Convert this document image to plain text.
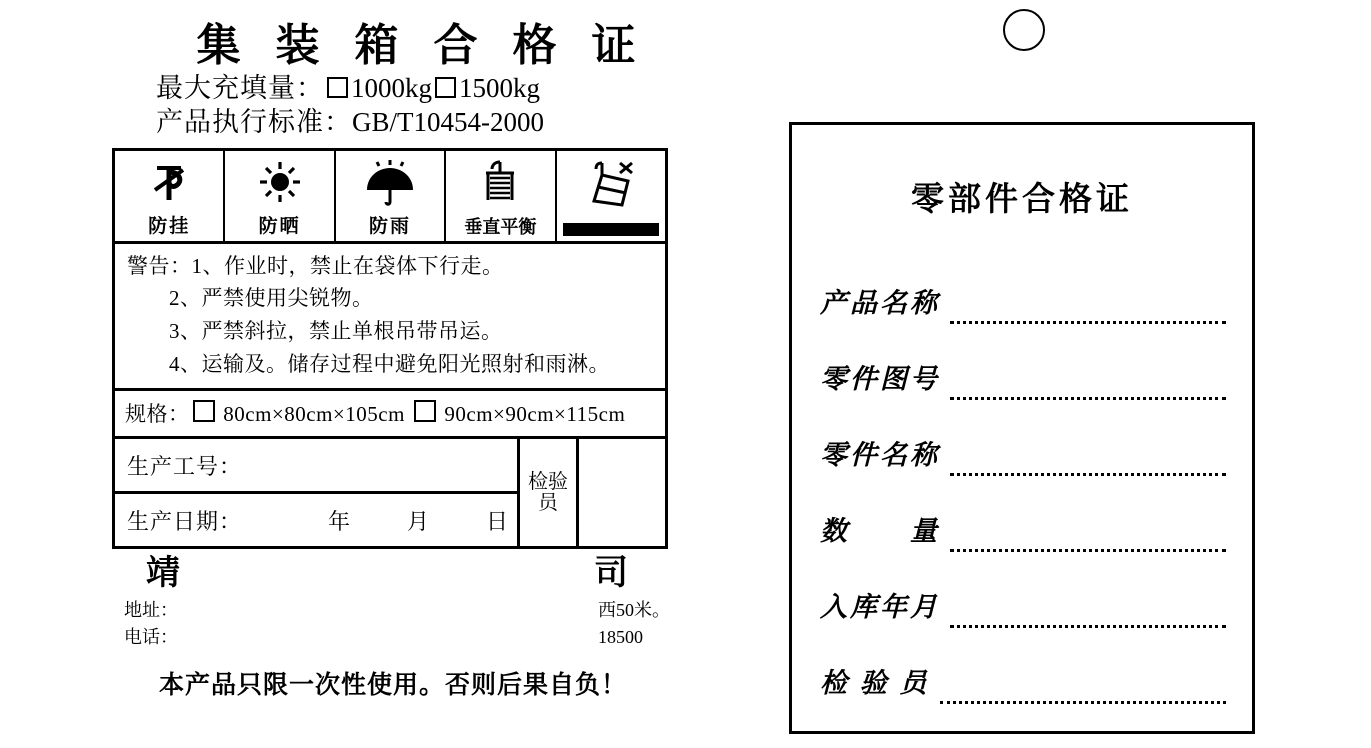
集 装 箱 合 格 证
最大充填量： 1000kg 1500kg
产品执行标准：GB/T10454-2000
防挂	防晒	防雨	垂直平衡
警告：1、作业时，禁止在袋体下行走。
2、严禁使用尖锐物。
3、严禁斜拉，禁止单根吊带吊运。
4、运输及。储存过程中避免阳光照射和雨淋。
规格： 80cm×80cm×105cm 90cm×90cm×115cm
生产工号：
生产日期：	年	月	日
检验员
靖	司
地址：
电话：
西50米。
18500
本产品只限一次性使用。否则后果自负！
零部件合格证
产品名称
零件图号
零件名称
数　　量
入库年月
检 验 员
